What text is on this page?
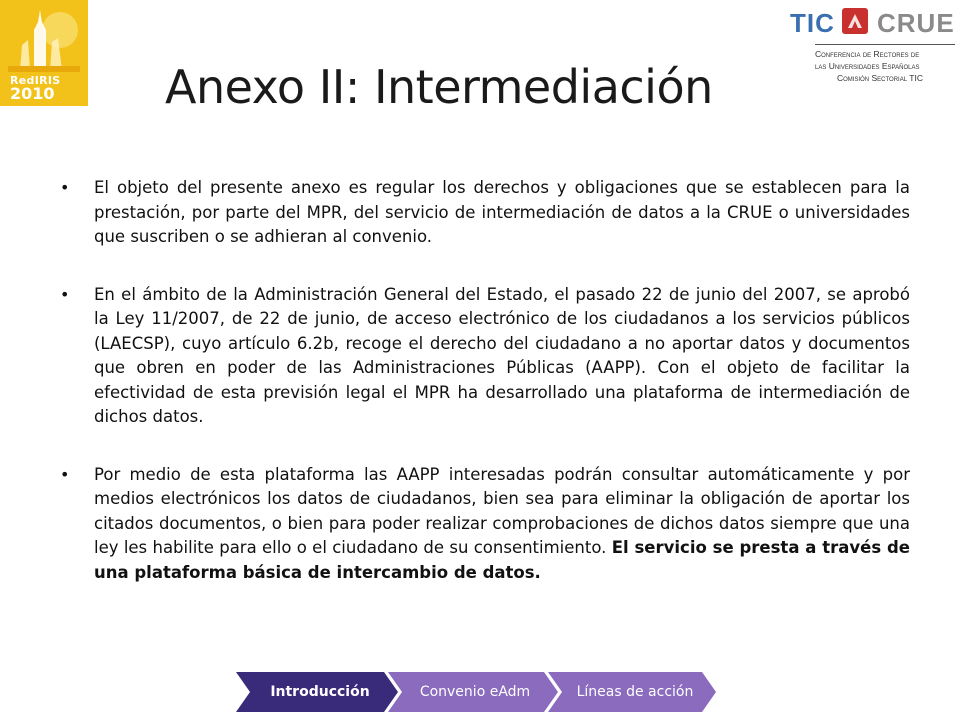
RedIRIS
2010
TIC CRUE
Conferencia de Rectores de
las Universidades Españolas
Comisión Sectorial TIC
Anexo II: Intermediación
• El objeto del presente anexo es regular los derechos y obligaciones que se establecen para la prestación, por parte del MPR, del servicio de intermediación de datos a la CRUE o universidades que suscriben o se adhieran al convenio.
• En el ámbito de la Administración General del Estado, el pasado 22 de junio del 2007, se aprobó la Ley 11/2007, de 22 de junio, de acceso electrónico de los ciudadanos a los servicios públicos (LAECSP), cuyo artículo 6.2b, recoge el derecho del ciudadano a no aportar datos y documentos que obren en poder de las Administraciones Públicas (AAPP). Con el objeto de facilitar la efectividad de esta previsión legal el MPR ha desarrollado una plataforma de intermediación de dichos datos.
• Por medio de esta plataforma las AAPP interesadas podrán consultar automáticamente y por medios electrónicos los datos de ciudadanos, bien sea para eliminar la obligación de aportar los citados documentos, o bien para poder realizar comprobaciones de dichos datos siempre que una ley les habilite para ello o el ciudadano de su consentimiento. El servicio se presta a través de una plataforma básica de intercambio de datos.
Introducción	Convenio eAdm	Líneas de acción
